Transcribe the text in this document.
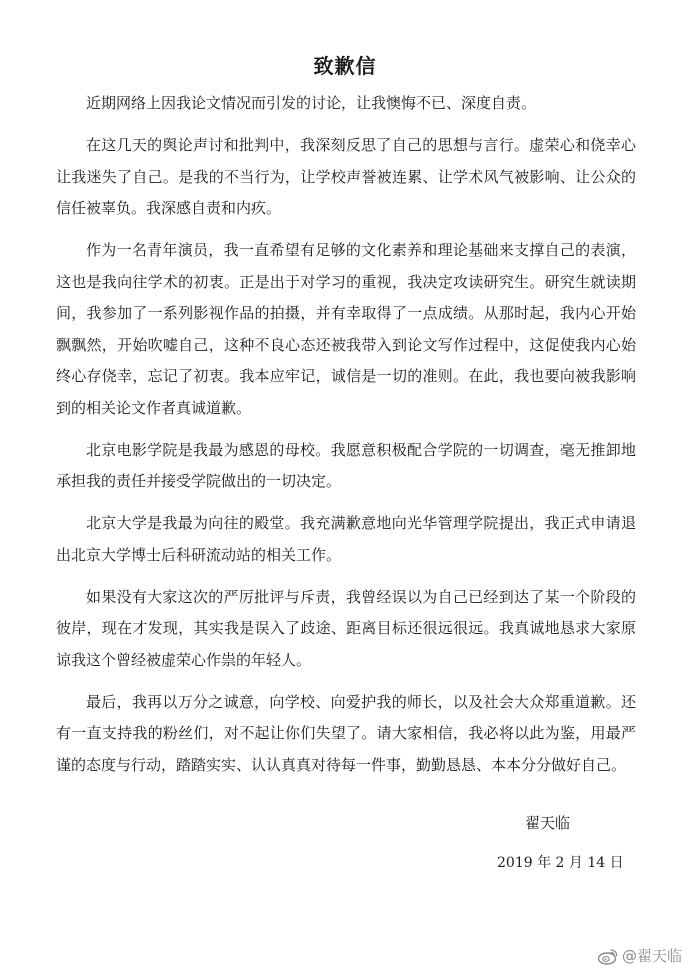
致歉信

近期网络上因我论文情况而引发的讨论，让我懊悔不已、深度自责。

在这几天的舆论声讨和批判中，我深刻反思了自己的思想与言行。虚荣心和侥幸心让我迷失了自己。是我的不当行为，让学校声誉被连累、让学术风气被影响、让公众的信任被辜负。我深感自责和内疚。

作为一名青年演员，我一直希望有足够的文化素养和理论基础来支撑自己的表演，这也是我向往学术的初衷。正是出于对学习的重视，我决定攻读研究生。研究生就读期间，我参加了一系列影视作品的拍摄，并有幸取得了一点成绩。从那时起，我内心开始飘飘然，开始吹嘘自己，这种不良心态还被我带入到论文写作过程中，这促使我内心始终心存侥幸，忘记了初衷。我本应牢记，诚信是一切的准则。在此，我也要向被我影响到的相关论文作者真诚道歉。

北京电影学院是我最为感恩的母校。我愿意积极配合学院的一切调查，毫无推卸地承担我的责任并接受学院做出的一切决定。

北京大学是我最为向往的殿堂。我充满歉意地向光华管理学院提出，我正式申请退出北京大学博士后科研流动站的相关工作。

如果没有大家这次的严厉批评与斥责，我曾经误以为自己已经到达了某一个阶段的彼岸，现在才发现，其实我是误入了歧途、距离目标还很远很远。我真诚地恳求大家原谅我这个曾经被虚荣心作祟的年轻人。

最后，我再以万分之诚意，向学校、向爱护我的师长，以及社会大众郑重道歉。还有一直支持我的粉丝们，对不起让你们失望了。请大家相信，我必将以此为鉴，用最严谨的态度与行动，踏踏实实、认认真真对待每一件事，勤勤恳恳、本本分分做好自己。

翟天临

2019 年 2 月 14 日

@翟天临
